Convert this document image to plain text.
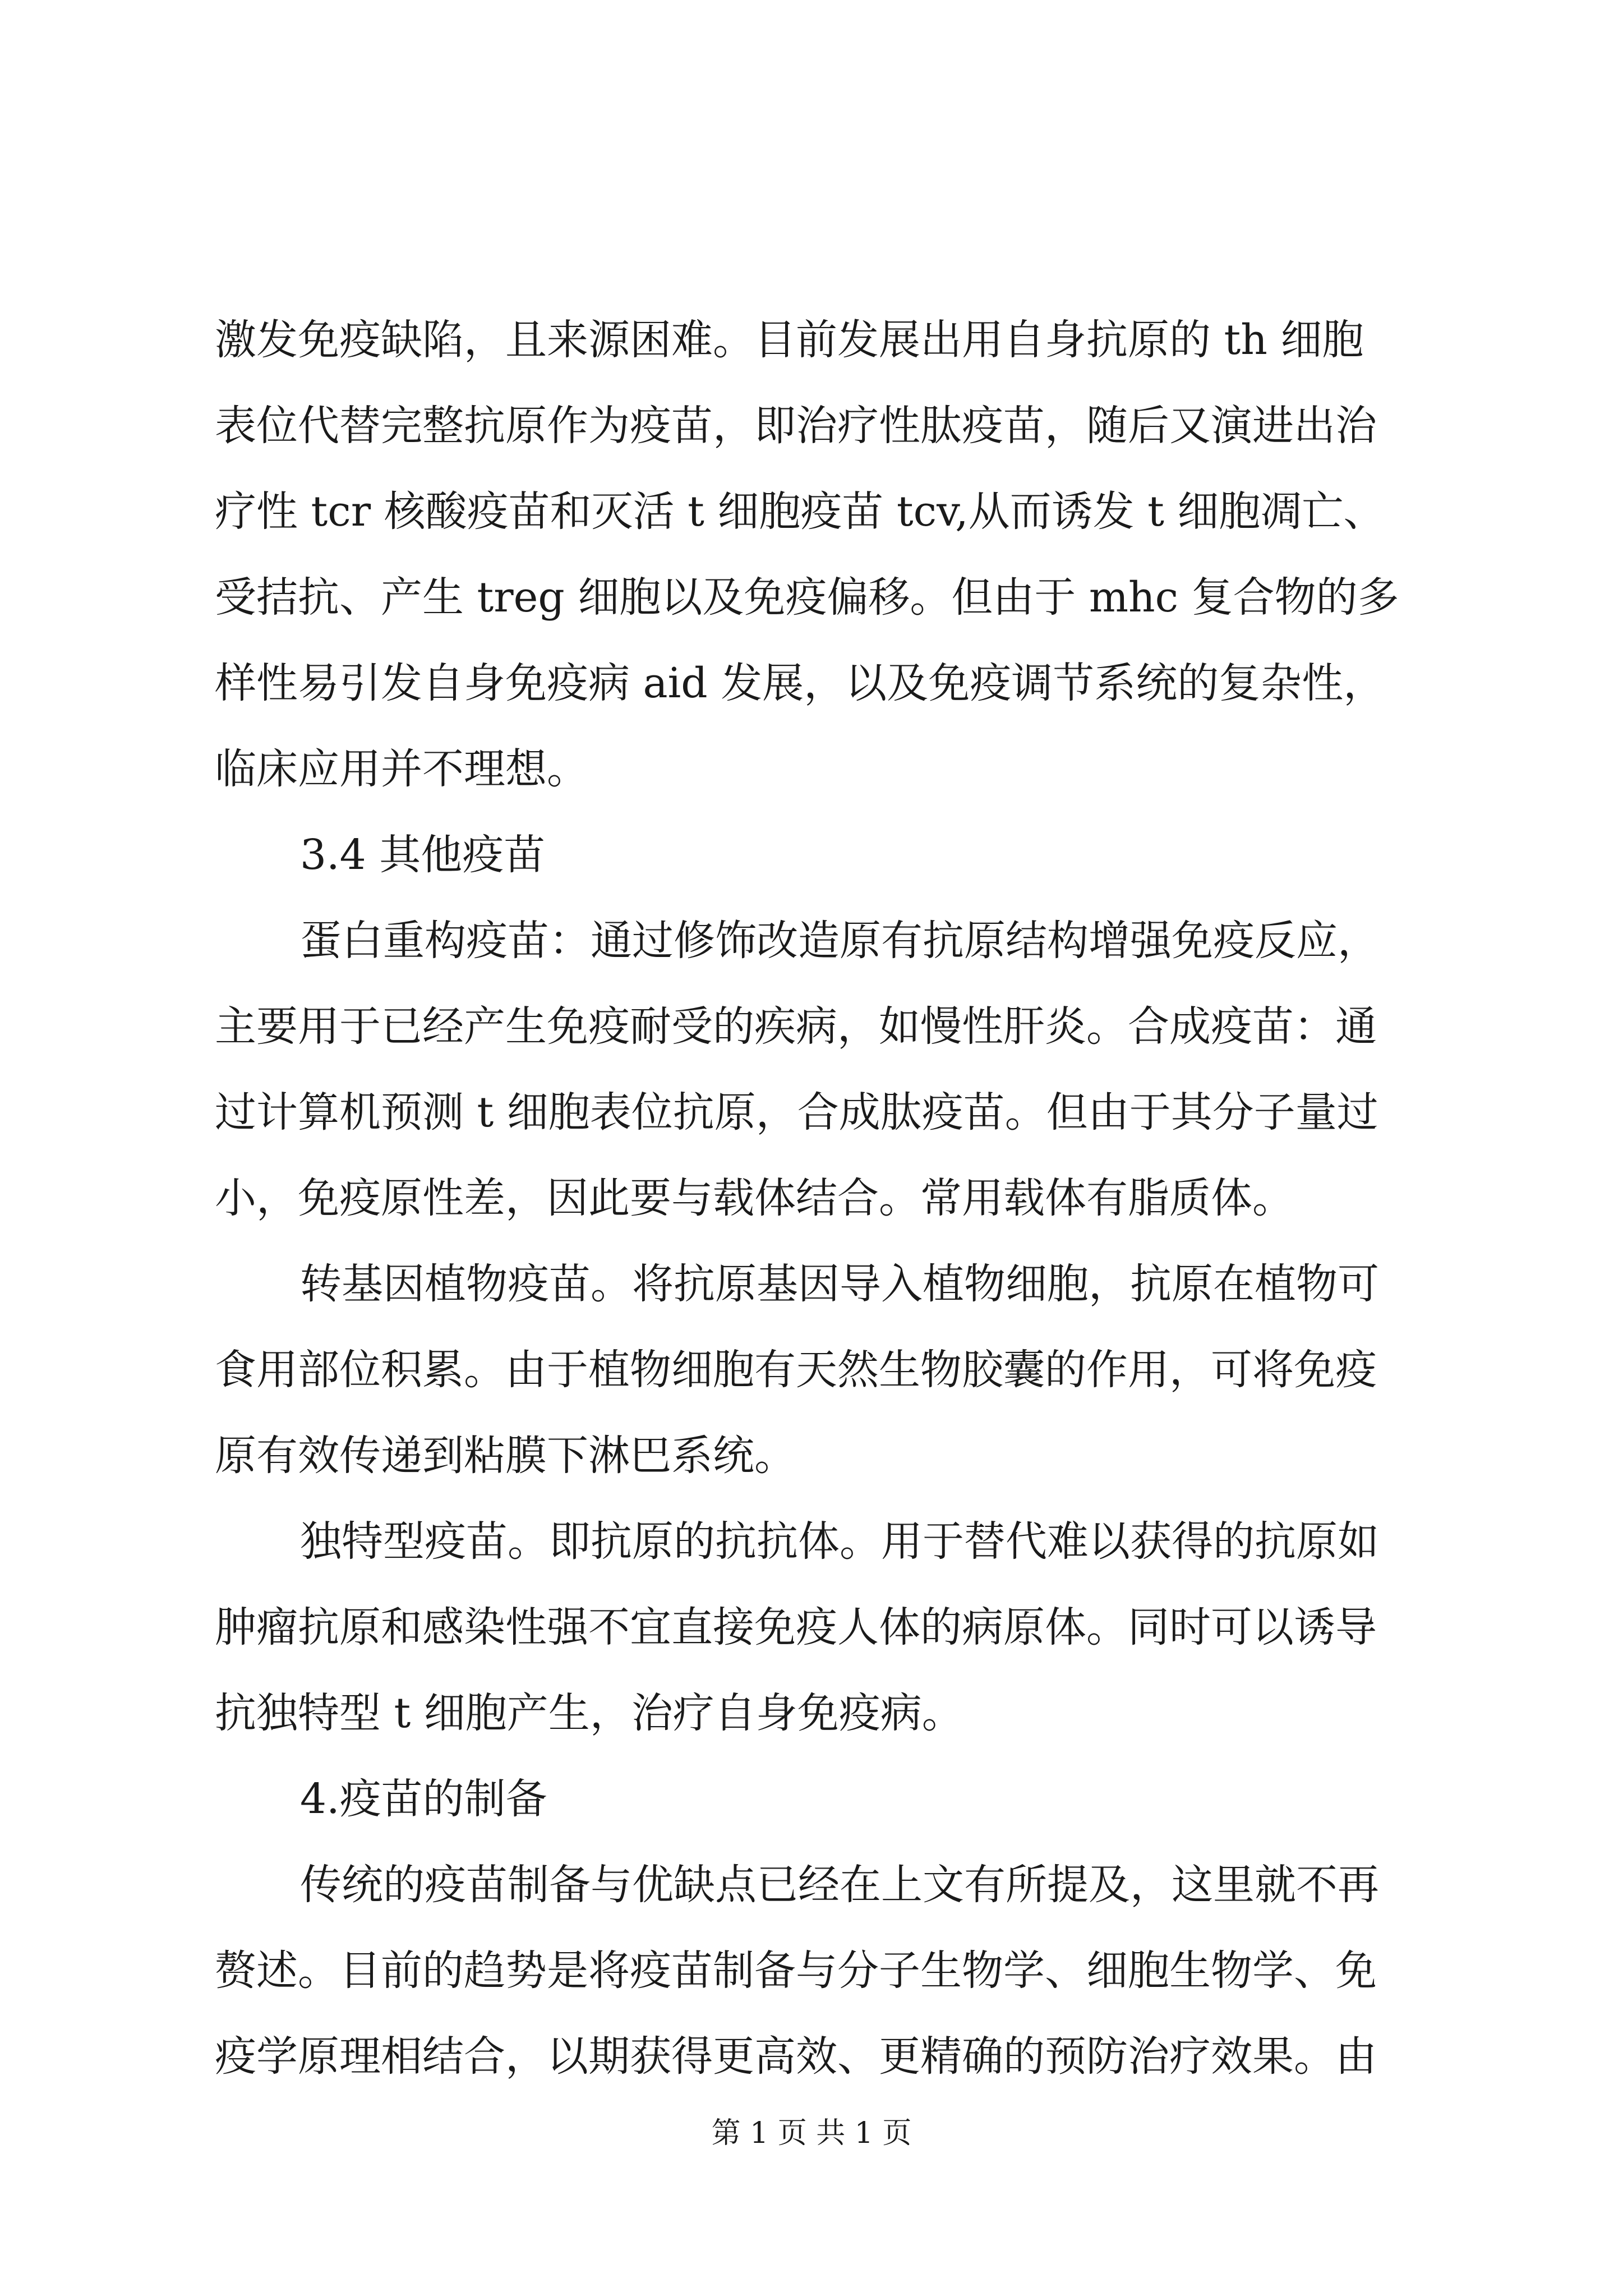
激发免疫缺陷，且来源困难。目前发展出用自身抗原的 th 细胞
表位代替完整抗原作为疫苗，即治疗性肽疫苗，随后又演进出治
疗性 tcr 核酸疫苗和灭活 t 细胞疫苗 tcv,从而诱发 t 细胞凋亡、
受拮抗、产生 treg 细胞以及免疫偏移。但由于 mhc 复合物的多
样性易引发自身免疫病 aid 发展，以及免疫调节系统的复杂性，
临床应用并不理想。
3.4 其他疫苗
蛋白重构疫苗：通过修饰改造原有抗原结构增强免疫反应，
主要用于已经产生免疫耐受的疾病，如慢性肝炎。合成疫苗：通
过计算机预测 t 细胞表位抗原，合成肽疫苗。但由于其分子量过
小，免疫原性差，因此要与载体结合。常用载体有脂质体。
转基因植物疫苗。将抗原基因导入植物细胞，抗原在植物可
食用部位积累。由于植物细胞有天然生物胶囊的作用，可将免疫
原有效传递到粘膜下淋巴系统。
独特型疫苗。即抗原的抗抗体。用于替代难以获得的抗原如
肿瘤抗原和感染性强不宜直接免疫人体的病原体。同时可以诱导
抗独特型 t 细胞产生，治疗自身免疫病。
4.疫苗的制备
传统的疫苗制备与优缺点已经在上文有所提及，这里就不再
赘述。目前的趋势是将疫苗制备与分子生物学、细胞生物学、免
疫学原理相结合，以期获得更高效、更精确的预防治疗效果。由
第 1 页 共 1 页
